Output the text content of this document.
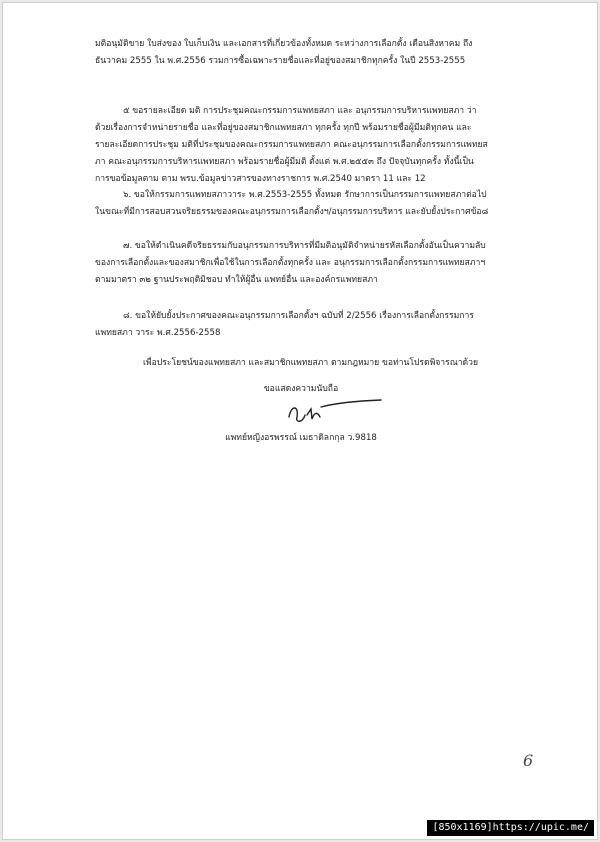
มติอนุมัติขาย ใบส่งของ ใบเก็บเงิน และเอกสารที่เกี่ยวข้องทั้งหมด ระหว่างการเลือกตั้ง เดือนสิงหาคม ถึง
ธันวาคม 2555 ใน พ.ศ.2556 รวมการซื้อเฉพาะรายชื่อและที่อยู่ของสมาชิกทุกครั้ง ในปี 2553-2555
๕ ขอรายละเอียด มติ การประชุมคณะกรรมการแพทยสภา และ อนุกรรมการบริหารแพทยสภา ว่า
ด้วยเรื่องการจำหน่ายรายชื่อ และที่อยู่ของสมาชิกแพทยสภา ทุกครั้ง ทุกปี พร้อมรายชื่อผู้มีมติทุกคน และ
รายละเอียดการประชุม มติที่ประชุมของคณะกรรมการแพทยสภา คณะอนุกรรมการเลือกตั้งกรรมการแพทยส
ภา คณะอนุกรรมการบริหารแพทยสภา พร้อมรายชื่อผู้มีมติ ตั้งแต่ พ.ศ.๒๕๕๓ ถึง ปัจจุบันทุกครั้ง ทั้งนี้เป็น
การขอข้อมูลตาม ตาม พรบ.ข้อมูลข่าวสารของทางราชการ พ.ศ.2540 มาตรา 11 และ 12
๖. ขอให้กรรมการแพทยสภาวาระ พ.ศ.2553-2555 ทั้งหมด รักษาการเป็นกรรมการแพทยสภาต่อไป
ในขณะที่มีการสอบสวนจริยธรรมของคณะอนุกรรมการเลือกตั้งฯ/อนุกรรมการบริหาร และยับยั้งประกาศข้อ๘
๗. ขอให้ดำเนินคดีจริยธรรมกับอนุกรรมการบริหารที่มีมติอนุมัติจำหน่ายรหัสเลือกตั้งอันเป็นความลับ
ของการเลือกตั้งและของสมาชิกเพื่อใช้ในการเลือกตั้งทุกครั้ง และ อนุกรรมการเลือกตั้งกรรมการแพทยสภาฯ
ตามมาตรา ๓๒ ฐานประพฤติมิชอบ ทำให้ผู้อื่น แพทย์อื่น และองค์กรแพทยสภา
๘. ขอให้ยับยั้งประกาศของคณะอนุกรรมการเลือกตั้งฯ ฉบับที่ 2/2556 เรื่องการเลือกตั้งกรรมการ
แพทยสภา วาระ พ.ศ.2556-2558
เพื่อประโยชน์ของแพทยสภา และสมาชิกแพทยสภา ตามกฎหมาย ขอท่านโปรดพิจารณาด้วย
ขอแสดงความนับถือ
แพทย์หญิงอรพรรณ์ เมธาดิลกกุล ว.9818
6
[850x1169]https://upic.me/
